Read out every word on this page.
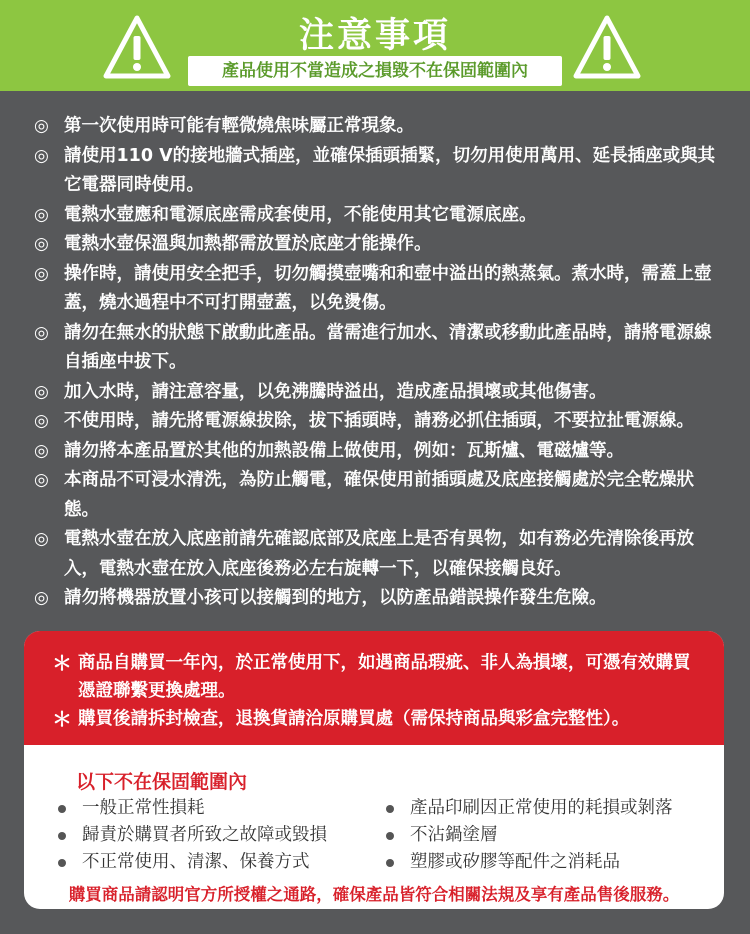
注意事項
產品使用不當造成之損毀不在保固範圍內
◎ 第一次使用時可能有輕微燒焦味屬正常現象。
◎ 請使用110 V的接地牆式插座，並確保插頭插緊，切勿用使用萬用、延長插座或與其它電器同時使用。
◎ 電熱水壺應和電源底座需成套使用，不能使用其它電源底座。
◎ 電熱水壺保溫與加熱都需放置於底座才能操作。
◎ 操作時，請使用安全把手，切勿觸摸壺嘴和和壺中溢出的熱蒸氣。煮水時，需蓋上壺蓋，燒水過程中不可打開壺蓋，以免燙傷。
◎ 請勿在無水的狀態下啟動此產品。當需進行加水、清潔或移動此產品時，請將電源線自插座中拔下。
◎ 加入水時，請注意容量，以免沸騰時溢出，造成產品損壞或其他傷害。
◎ 不使用時，請先將電源線拔除，拔下插頭時，請務必抓住插頭，不要拉扯電源線。
◎ 請勿將本產品置於其他的加熱設備上做使用，例如：瓦斯爐、電磁爐等。
◎ 本商品不可浸水清洗，為防止觸電，確保使用前插頭處及底座接觸處於完全乾燥狀態。
◎ 電熱水壺在放入底座前請先確認底部及底座上是否有異物，如有務必先清除後再放入，電熱水壺在放入底座後務必左右旋轉一下，以確保接觸良好。
◎ 請勿將機器放置小孩可以接觸到的地方，以防產品錯誤操作發生危險。
＊ 商品自購買一年內，於正常使用下，如遇商品瑕疵、非人為損壞，可憑有效購買憑證聯繫更換處理。
＊ 購買後請拆封檢查，退換貨請洽原購買處（需保持商品與彩盒完整性）。
以下不在保固範圍內
一般正常性損耗
歸責於購買者所致之故障或毀損
不正常使用、清潔、保養方式
產品印刷因正常使用的耗損或剝落
不沾鍋塗層
塑膠或矽膠等配件之消耗品
購買商品請認明官方所授權之通路，確保產品皆符合相關法規及享有產品售後服務。
